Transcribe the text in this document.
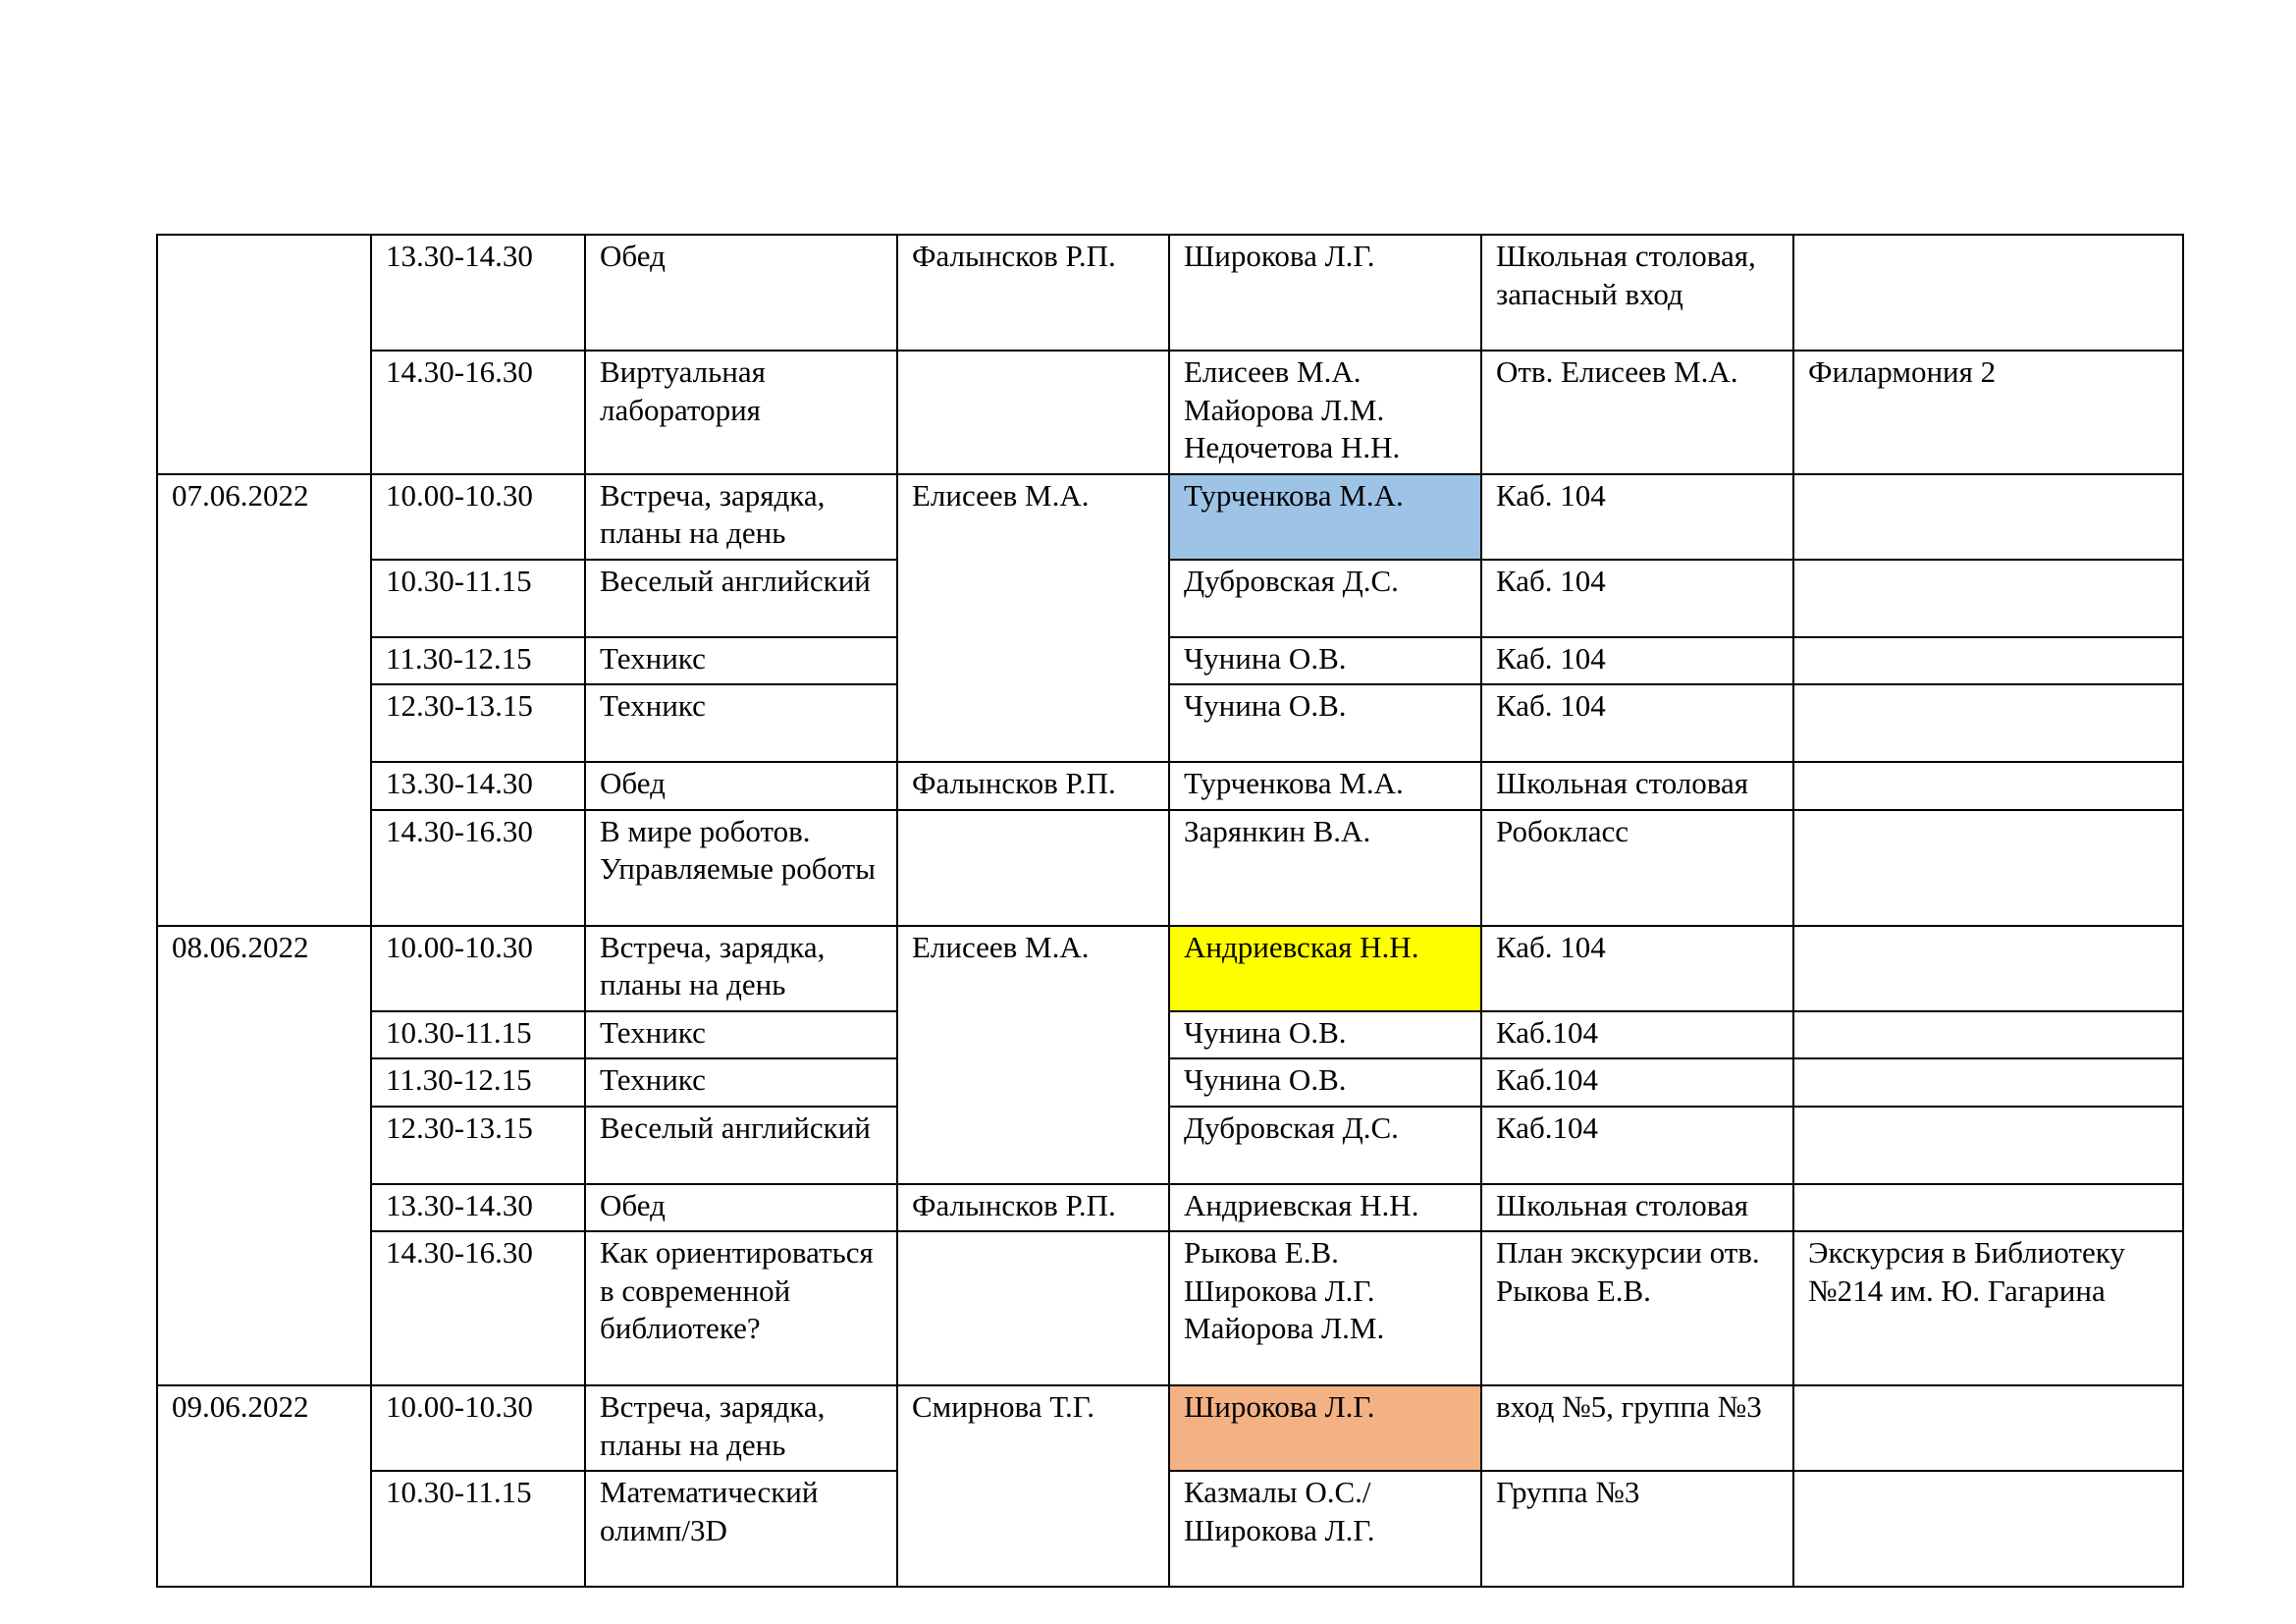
	13.30-14.30	Обед	Фалынсков Р.П.	Широкова Л.Г.	Школьная столовая, запасный вход	
	14.30-16.30	Виртуальная лаборатория		Елисеев М.А.
Майорова Л.М.
Недочетова Н.Н.	Отв. Елисеев М.А.	Филармония 2
07.06.2022	10.00-10.30	Встреча, зарядка, планы на день	Елисеев М.А.	Турченкова М.А.	Каб. 104	
	10.30-11.15	Веселый английский		Дубровская Д.С.	Каб. 104	
	11.30-12.15	Техникс		Чунина О.В.	Каб. 104	
	12.30-13.15	Техникс		Чунина О.В.	Каб. 104	
	13.30-14.30	Обед	Фалынсков Р.П.	Турченкова М.А.	Школьная столовая	
	14.30-16.30	В мире роботов. Управляемые роботы		Зарянкин В.А.	Робокласс	
08.06.2022	10.00-10.30	Встреча, зарядка, планы на день	Елисеев М.А.	Андриевская Н.Н.	Каб. 104	
	10.30-11.15	Техникс		Чунина О.В.	Каб.104	
	11.30-12.15	Техникс		Чунина О.В.	Каб.104	
	12.30-13.15	Веселый английский		Дубровская Д.С.	Каб.104	
	13.30-14.30	Обед	Фалынсков Р.П.	Андриевская Н.Н.	Школьная столовая	
	14.30-16.30	Как ориентироваться в современной библиотеке?		Рыкова Е.В.
Широкова Л.Г.
Майорова Л.М.	План экскурсии отв. Рыкова Е.В.	Экскурсия в Библиотеку №214 им. Ю. Гагарина
09.06.2022	10.00-10.30	Встреча, зарядка, планы на день	Смирнова Т.Г.	Широкова Л.Г.	вход №5, группа №3	
	10.30-11.15	Математический олимп/3D		Казмалы О.С./Широкова Л.Г.	Группа №3	
